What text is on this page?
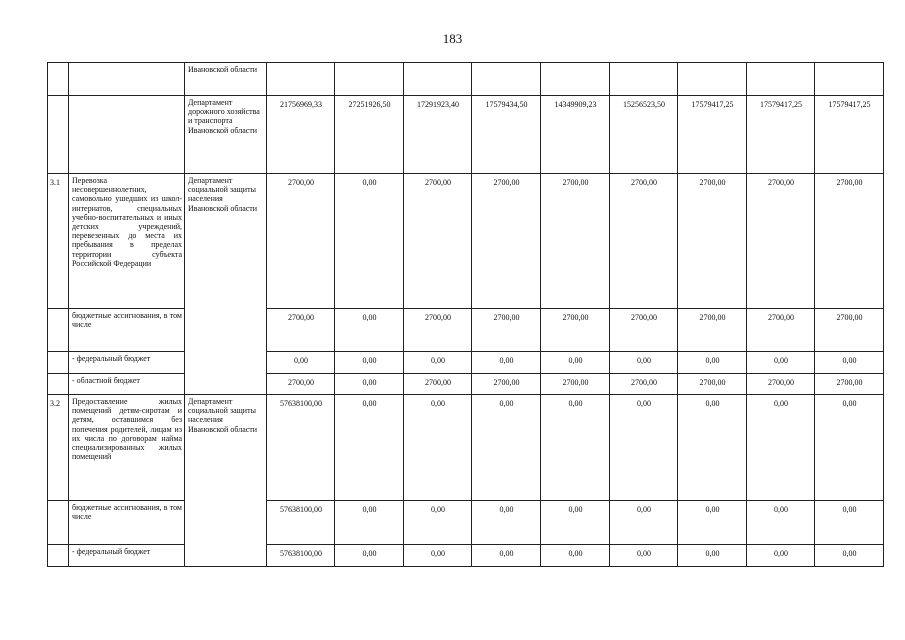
183
		Ивановской области									
		Департамент дорожного хозяйства и транспорта Ивановской области	21756969,33	27251926,50	17291923,40	17579434,50	14349909,23	15256523,50	17579417,25	17579417,25	17579417,25
3.1	Перевозка несовершеннолетних, самовольно ушедших из школ-интернатов, специальных учебно-воспитательных и иных детских учреждений, перевезенных до места их пребывания в пределах территории субъекта Российской Федерации	Департамент социальной защиты населения Ивановской области	2700,00	0,00	2700,00	2700,00	2700,00	2700,00	2700,00	2700,00	2700,00
	бюджетные ассигнования, в том числе		2700,00	0,00	2700,00	2700,00	2700,00	2700,00	2700,00	2700,00	2700,00
	- федеральный бюджет		0,00	0,00	0,00	0,00	0,00	0,00	0,00	0,00	0,00
	- областной бюджет		2700,00	0,00	2700,00	2700,00	2700,00	2700,00	2700,00	2700,00	2700,00
3.2	Предоставление жилых помещений детям-сиротам и детям, оставшимся без попечения родителей, лицам из их числа по договорам найма специализированных жилых помещений	Департамент социальной защиты населения Ивановской области	57638100,00	0,00	0,00	0,00	0,00	0,00	0,00	0,00	0,00
	бюджетные ассигнования, в том числе		57638100,00	0,00	0,00	0,00	0,00	0,00	0,00	0,00	0,00
	- федеральный бюджет		57638100,00	0,00	0,00	0,00	0,00	0,00	0,00	0,00	0,00
